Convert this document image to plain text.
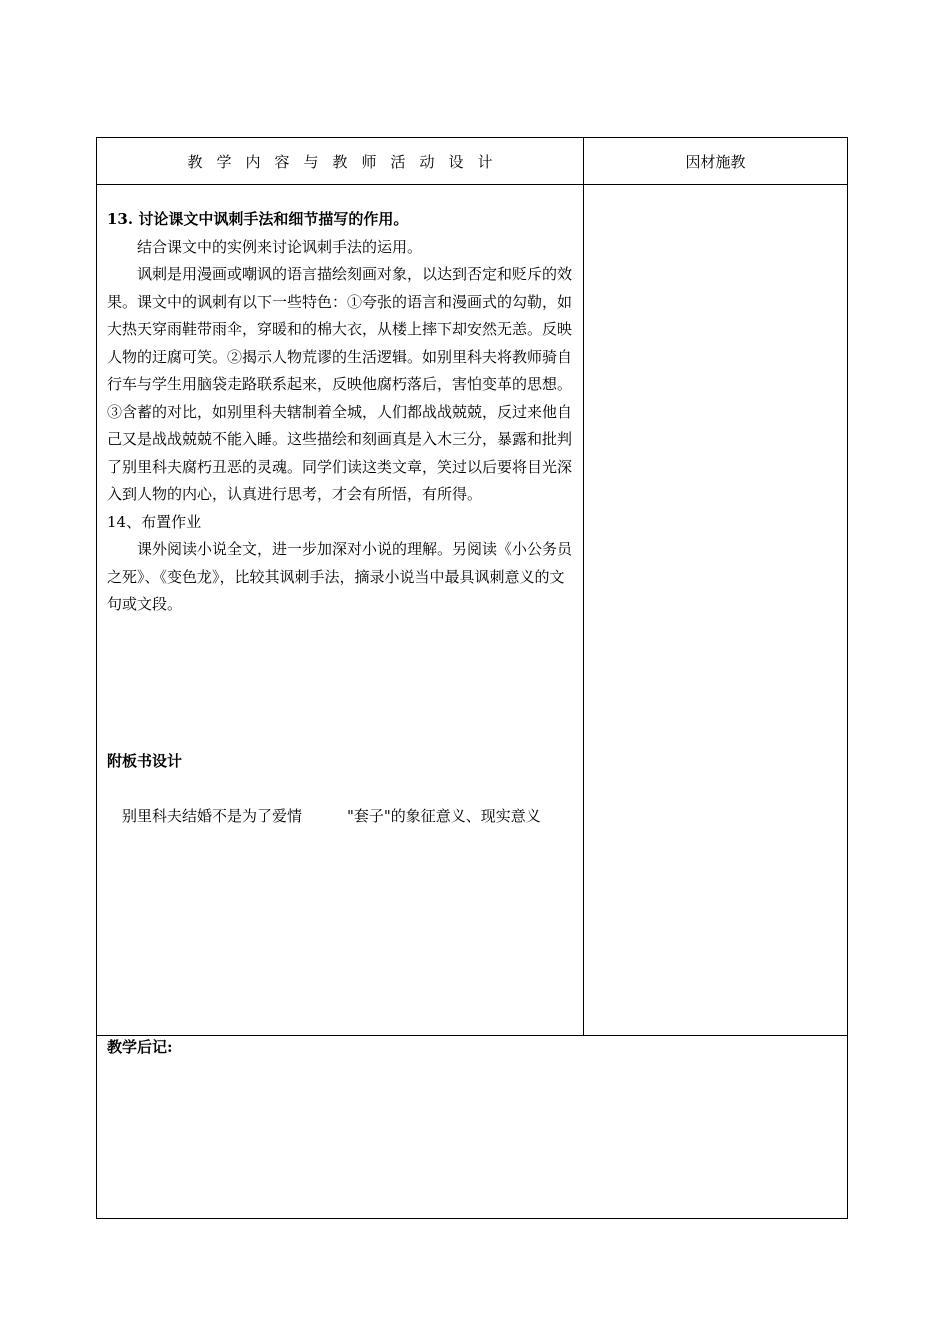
教学内容与教师活动设计	因材施教

13. 讨论课文中讽刺手法和细节描写的作用。

结合课文中的实例来讨论讽刺手法的运用。

讽刺是用漫画或嘲讽的语言描绘刻画对象，以达到否定和贬斥的效果。课文中的讽刺有以下一些特色：①夸张的语言和漫画式的勾勒，如大热天穿雨鞋带雨伞，穿暖和的棉大衣，从楼上摔下却安然无恙。反映人物的迂腐可笑。②揭示人物荒谬的生活逻辑。如别里科夫将教师骑自行车与学生用脑袋走路联系起来，反映他腐朽落后，害怕变革的思想。③含蓄的对比，如别里科夫辖制着全城，人们都战战兢兢，反过来他自己又是战战兢兢不能入睡。这些描绘和刻画真是入木三分，暴露和批判了别里科夫腐朽丑恶的灵魂。同学们读这类文章，笑过以后要将目光深入到人物的内心，认真进行思考，才会有所悟，有所得。

14、布置作业

课外阅读小说全文，进一步加深对小说的理解。另阅读《小公务员之死》、《变色龙》，比较其讽刺手法，摘录小说当中最具讽刺意义的文句或文段。

附板书设计
　别里科夫结婚不是为了爱情　　　"套子"的象征意义、现实意义
教学后记:
